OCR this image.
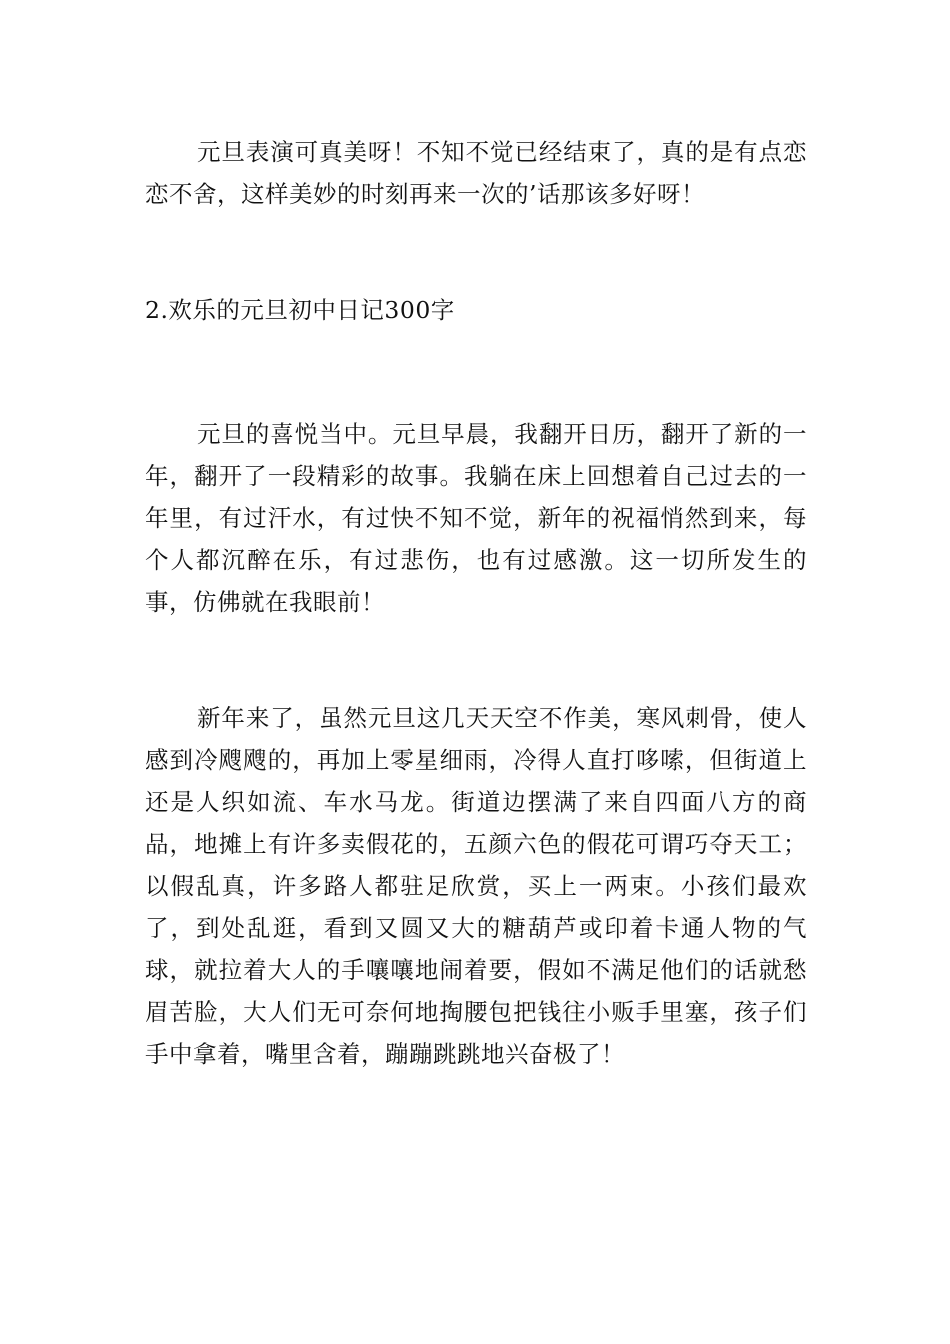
元旦表演可真美呀！不知不觉已经结束了，真的是有点恋恋不舍，这样美妙的时刻再来一次的’话那该多好呀！

2.欢乐的元旦初中日记300字

元旦的喜悦当中。元旦早晨，我翻开日历，翻开了新的一年，翻开了一段精彩的故事。我躺在床上回想着自己过去的一年里，有过汗水，有过快不知不觉，新年的祝福悄然到来，每个人都沉醉在乐，有过悲伤，也有过感激。这一切所发生的事，仿佛就在我眼前！

新年来了，虽然元旦这几天天空不作美，寒风刺骨，使人感到冷飕飕的，再加上零星细雨，冷得人直打哆嗦，但街道上还是人织如流、车水马龙。街道边摆满了来自四面八方的商品，地摊上有许多卖假花的，五颜六色的假花可谓巧夺天工；以假乱真，许多路人都驻足欣赏，买上一两束。小孩们最欢了，到处乱逛，看到又圆又大的糖葫芦或印着卡通人物的气球，就拉着大人的手嚷嚷地闹着要，假如不满足他们的话就愁眉苦脸，大人们无可奈何地掏腰包把钱往小贩手里塞，孩子们手中拿着，嘴里含着，蹦蹦跳跳地兴奋极了！
